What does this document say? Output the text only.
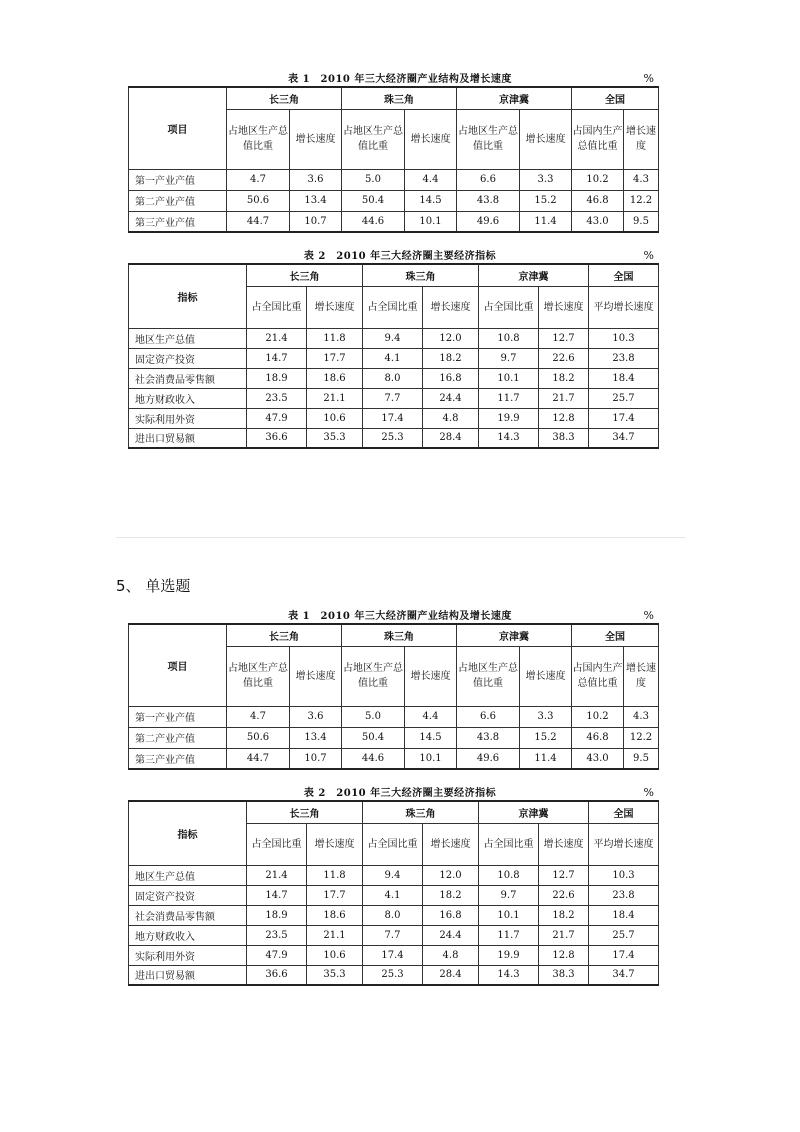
表 1　2010 年三大经济圈产业结构及增长速度	%
项目	长三角		珠三角		京津冀		全国	
	占地区生产总值比重	增长速度	占地区生产总值比重	增长速度	占地区生产总值比重	增长速度	占国内生产总值比重	增长速度
第一产业产值	4.7	3.6	5.0	4.4	6.6	3.3	10.2	4.3
第二产业产值	50.6	13.4	50.4	14.5	43.8	15.2	46.8	12.2
第三产业产值	44.7	10.7	44.6	10.1	49.6	11.4	43.0	9.5
表 2　2010 年三大经济圈主要经济指标	%
指标	长三角		珠三角		京津冀		全国
	占全国比重	增长速度	占全国比重	增长速度	占全国比重	增长速度	平均增长速度
地区生产总值	21.4	11.8	9.4	12.0	10.8	12.7	10.3
固定资产投资	14.7	17.7	4.1	18.2	9.7	22.6	23.8
社会消费品零售额	18.9	18.6	8.0	16.8	10.1	18.2	18.4
地方财政收入	23.5	21.1	7.7	24.4	11.7	21.7	25.7
实际利用外资	47.9	10.6	17.4	4.8	19.9	12.8	17.4
进出口贸易额	36.6	35.3	25.3	28.4	14.3	38.3	34.7
5、 单选题
表 1　2010 年三大经济圈产业结构及增长速度	%
项目	长三角		珠三角		京津冀		全国	
	占地区生产总值比重	增长速度	占地区生产总值比重	增长速度	占地区生产总值比重	增长速度	占国内生产总值比重	增长速度
第一产业产值	4.7	3.6	5.0	4.4	6.6	3.3	10.2	4.3
第二产业产值	50.6	13.4	50.4	14.5	43.8	15.2	46.8	12.2
第三产业产值	44.7	10.7	44.6	10.1	49.6	11.4	43.0	9.5
表 2　2010 年三大经济圈主要经济指标	%
指标	长三角		珠三角		京津冀		全国
	占全国比重	增长速度	占全国比重	增长速度	占全国比重	增长速度	平均增长速度
地区生产总值	21.4	11.8	9.4	12.0	10.8	12.7	10.3
固定资产投资	14.7	17.7	4.1	18.2	9.7	22.6	23.8
社会消费品零售额	18.9	18.6	8.0	16.8	10.1	18.2	18.4
地方财政收入	23.5	21.1	7.7	24.4	11.7	21.7	25.7
实际利用外资	47.9	10.6	17.4	4.8	19.9	12.8	17.4
进出口贸易额	36.6	35.3	25.3	28.4	14.3	38.3	34.7
